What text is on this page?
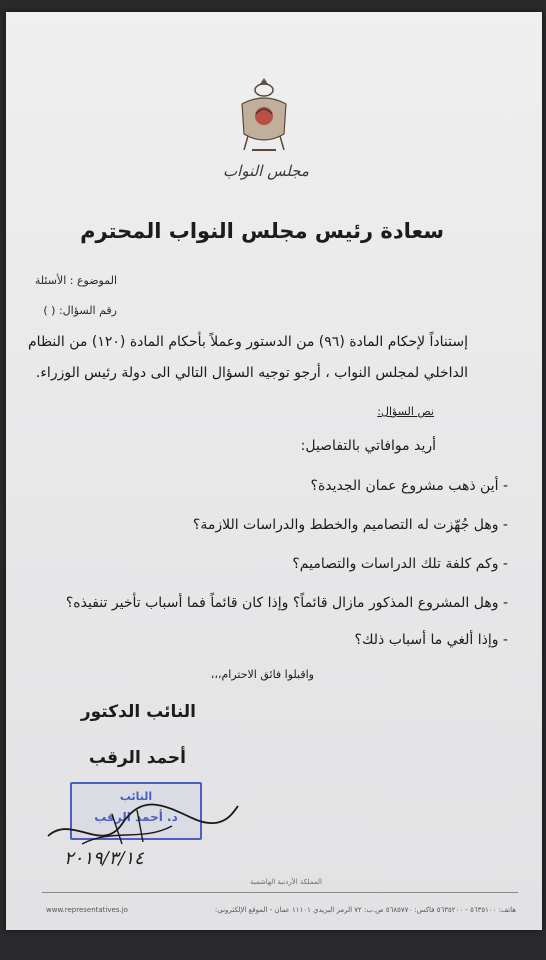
مجلس النواب
سعادة رئيس مجلس النواب المحترم
الموضوع : الأسئلة
رقم السؤال: ( )
إستناداً لإحكام المادة (٩٦) من الدستور وعملاً بأحكام المادة (١٢٠) من النظام
الداخلي لمجلس النواب ، أرجو توجيه السؤال التالي الى دولة رئيس الوزراء.
نص السؤال:
أريد موافاتي بالتفاصيل:
- أين ذهب مشروع عمان الجديدة؟
- وهل جُهّزت له التصاميم والخطط والدراسات اللازمة؟
- وكم كلفة تلك الدراسات والتصاميم؟
- وهل المشروع المذكور مازال قائماً؟ وإذا كان قائماً فما أسباب تأخير تنفيذه؟
- وإذا ألغي ما أسباب ذلك؟
واقبلوا فائق الاحترام،،،
النائب الدكتور
أحمد الرقب
النائب
د. أحمد الرقب
٢٠١٩/٣/١٤
المملكة الأردنية الهاشمية
www.representatives.jo	هاتف: ٥٦٣٥١٠٠ - ٥٦٣٥٢٠٠ فاكس: ٥٦٨٥٧٧٠ ص.ب: ٧٢ الرمز البريدي ١١١٠١ عمان - الموقع الإلكتروني:
